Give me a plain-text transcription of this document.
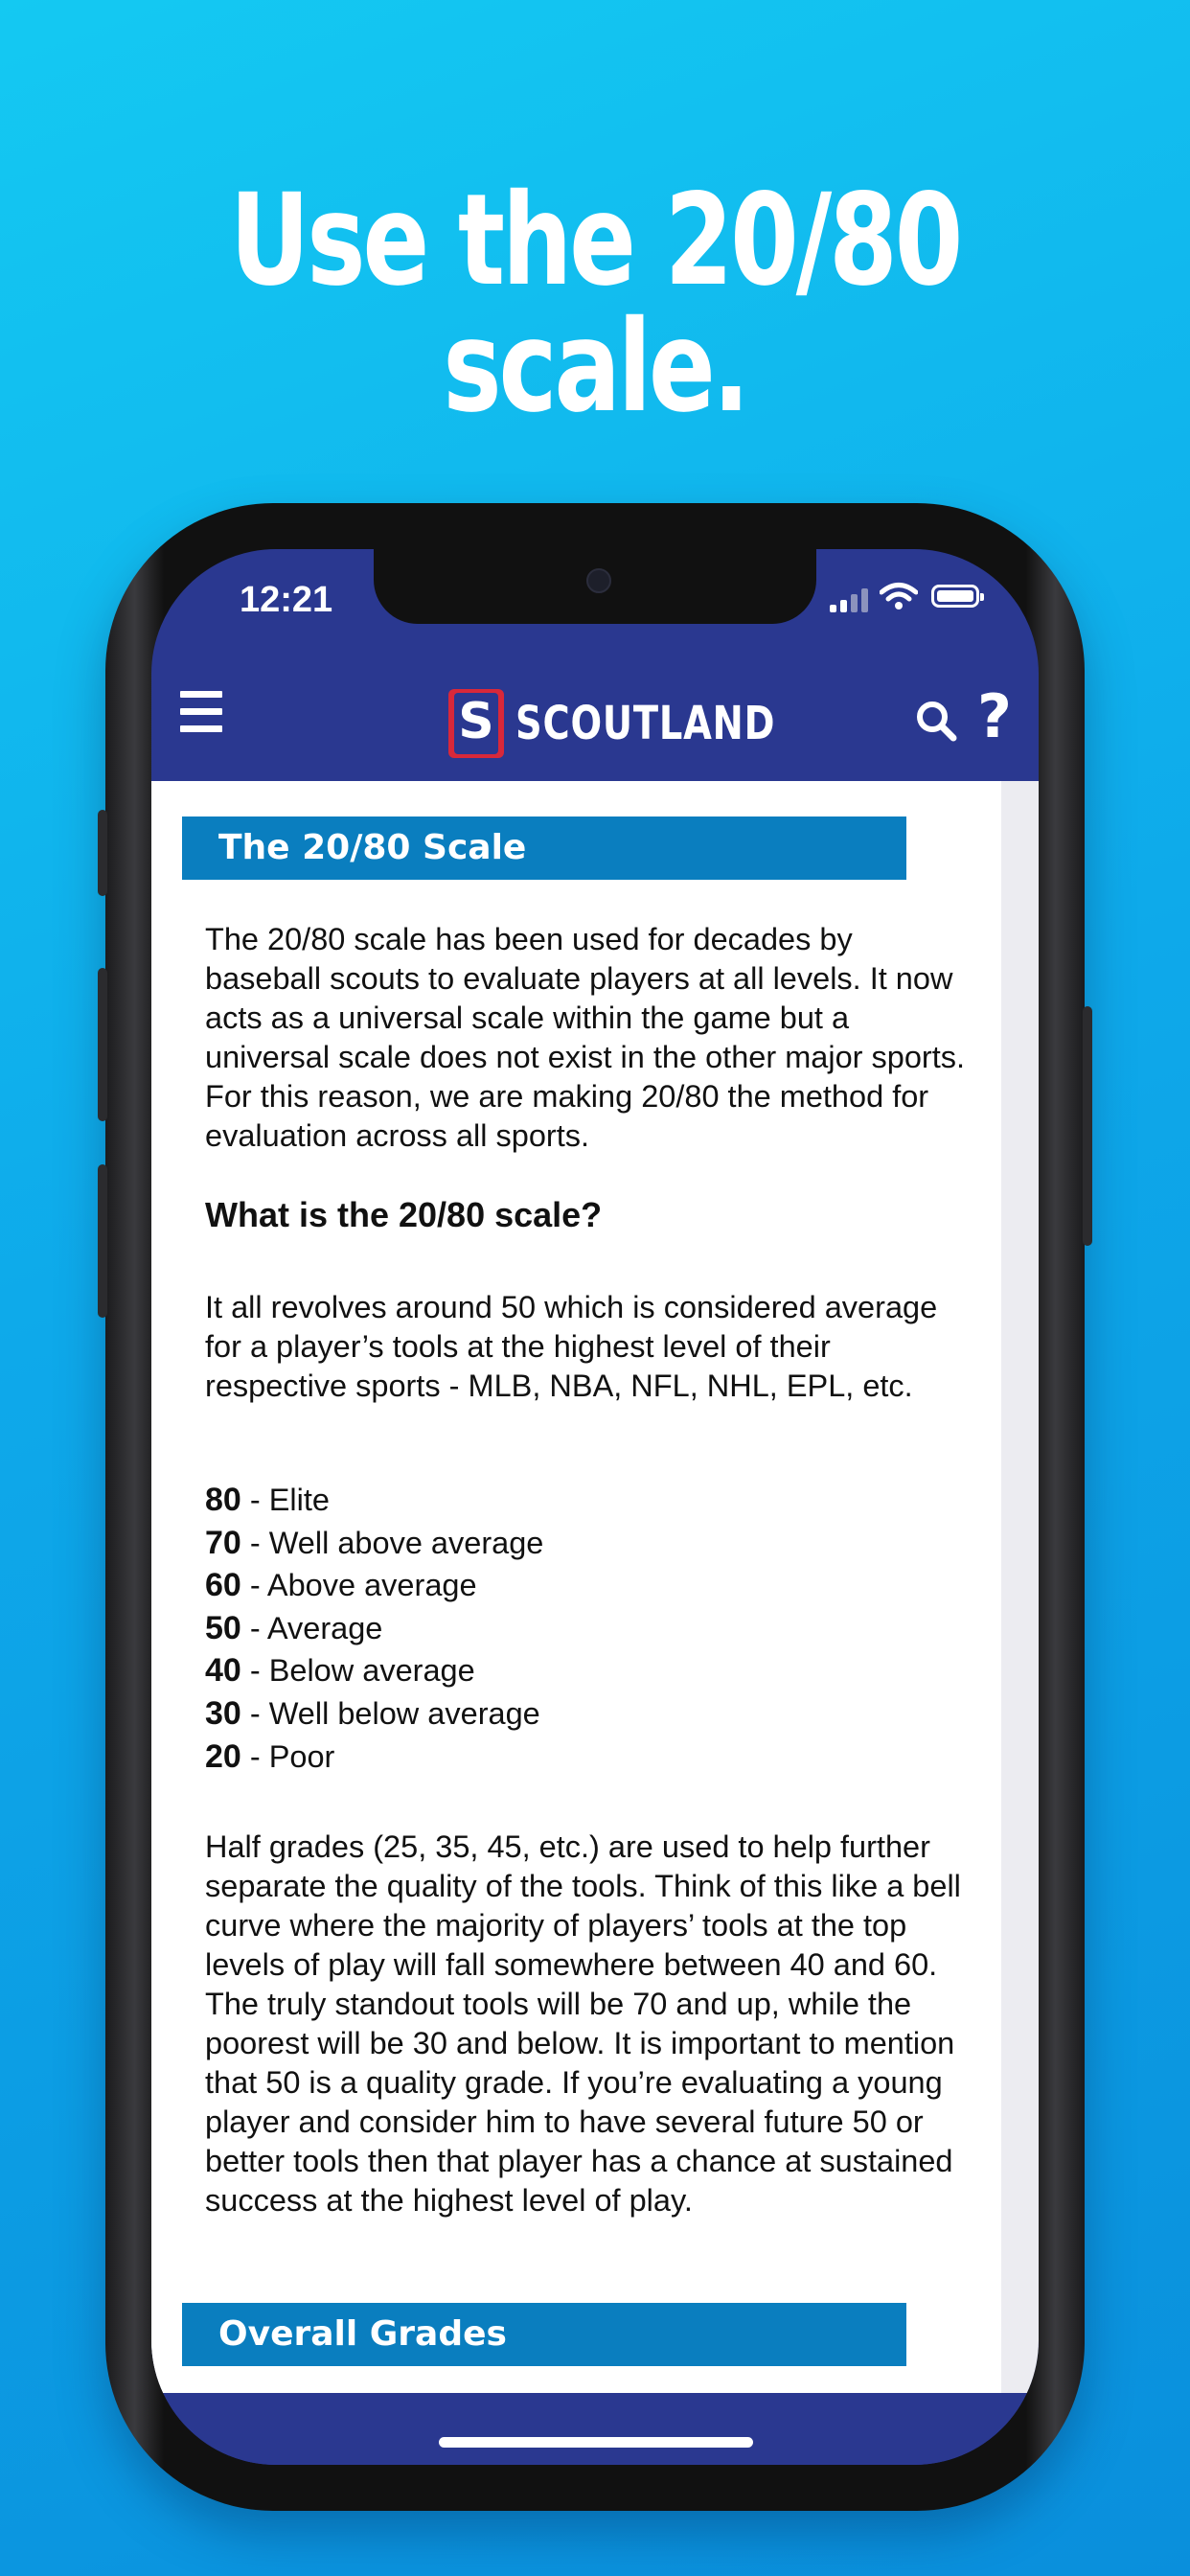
Use the 20/80 scale.
12:21
S SCOUTLAND	?
The 20/80 Scale
The 20/80 scale has been used for decades by baseball scouts to evaluate players at all levels. It now acts as a universal scale within the game but a universal scale does not exist in the other major sports. For this reason, we are making 20/80 the method for evaluation across all sports.
What is the 20/80 scale?
It all revolves around 50 which is considered average for a player’s tools at the highest level of their respective sports - MLB, NBA, NFL, NHL, EPL, etc.
80 - Elite
70 - Well above average
60 - Above average
50 - Average
40 - Below average
30 - Well below average
20 - Poor
Half grades (25, 35, 45, etc.) are used to help further separate the quality of the tools. Think of this like a bell curve where the majority of players’ tools at the top levels of play will fall somewhere between 40 and 60. The truly standout tools will be 70 and up, while the poorest will be 30 and below. It is important to mention that 50 is a quality grade. If you’re evaluating a young player and consider him to have several future 50 or better tools then that player has a chance at sustained success at the highest level of play.
Overall Grades
